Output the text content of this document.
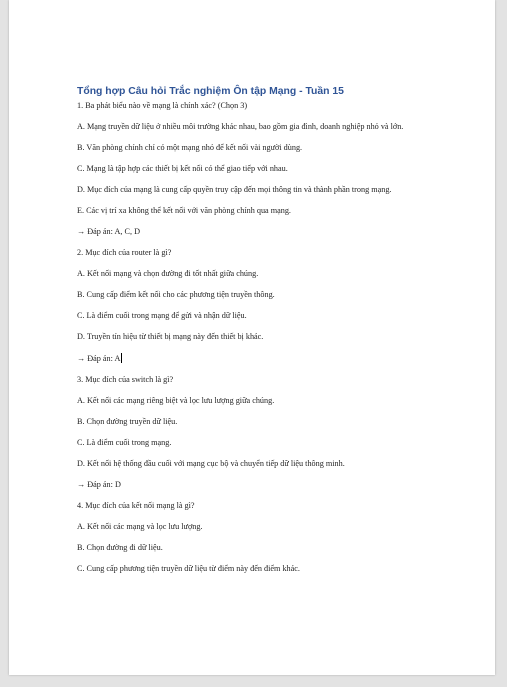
Tổng hợp Câu hỏi Trắc nghiệm Ôn tập Mạng - Tuần 15
1. Ba phát biểu nào về mạng là chính xác? (Chọn 3)
A. Mạng truyền dữ liệu ở nhiều môi trường khác nhau, bao gồm gia đình, doanh nghiệp nhỏ và lớn.
B. Văn phòng chính chỉ có một mạng nhỏ để kết nối vài người dùng.
C. Mạng là tập hợp các thiết bị kết nối có thể giao tiếp với nhau.
D. Mục đích của mạng là cung cấp quyền truy cập đến mọi thông tin và thành phần trong mạng.
E. Các vị trí xa không thể kết nối với văn phòng chính qua mạng.
→ Đáp án: A, C, D
2. Mục đích của router là gì?
A. Kết nối mạng và chọn đường đi tốt nhất giữa chúng.
B. Cung cấp điểm kết nối cho các phương tiện truyền thông.
C. Là điểm cuối trong mạng để gửi và nhận dữ liệu.
D. Truyền tín hiệu từ thiết bị mạng này đến thiết bị khác.
→ Đáp án: A
3. Mục đích của switch là gì?
A. Kết nối các mạng riêng biệt và lọc lưu lượng giữa chúng.
B. Chọn đường truyền dữ liệu.
C. Là điểm cuối trong mạng.
D. Kết nối hệ thống đầu cuối với mạng cục bộ và chuyển tiếp dữ liệu thông minh.
→ Đáp án: D
4. Mục đích của kết nối mạng là gì?
A. Kết nối các mạng và lọc lưu lượng.
B. Chọn đường đi dữ liệu.
C. Cung cấp phương tiện truyền dữ liệu từ điểm này đến điểm khác.
